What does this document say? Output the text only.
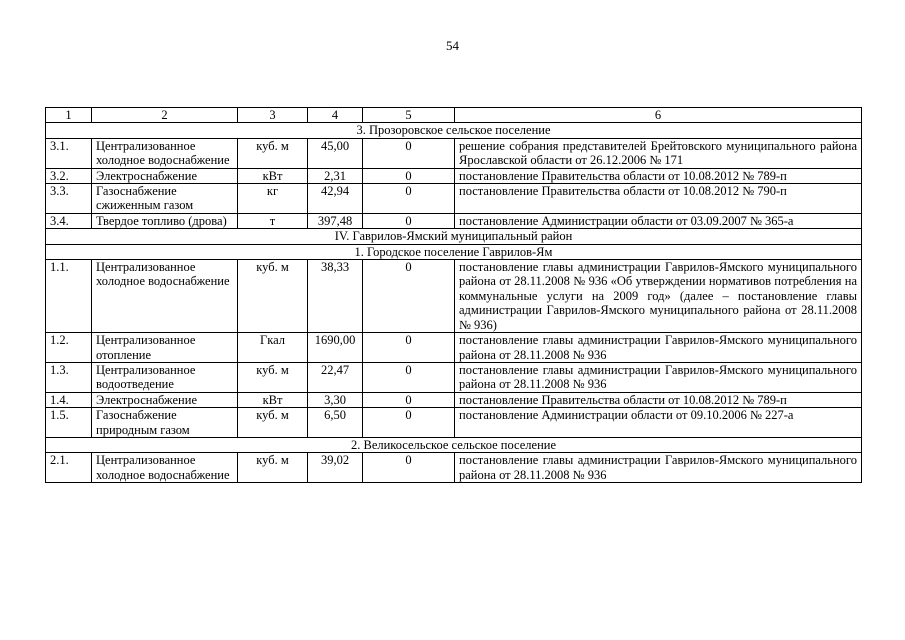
54
1	2	3	4	5	6
3. Прозоровское сельское поселение					
3.1.	Централизованное холодное водоснабжение	куб. м	45,00	0	решение собрания представителей Брейтовского муниципального района Ярославской области от 26.12.2006 № 171
3.2.	Электроснабжение	кВт	2,31	0	постановление Правительства области от 10.08.2012 № 789-п
3.3.	Газоснабжение сжиженным газом	кг	42,94	0	постановление Правительства области от 10.08.2012 № 790-п
3.4.	Твердое топливо (дрова)	т	397,48	0	постановление Администрации области от 03.09.2007 № 365-а
IV. Гаврилов-Ямский муниципальный район					
1. Городское поселение Гаврилов-Ям					
1.1.	Централизованное холодное водоснабжение	куб. м	38,33	0	постановление главы администрации Гаврилов-Ямского муниципального района от 28.11.2008 № 936 «Об утверждении нормативов потребления на коммунальные услуги на 2009 год» (далее – постановление главы администрации Гаврилов-Ямского муниципального района от 28.11.2008 № 936)
1.2.	Централизованное отопление	Гкал	1690,00	0	постановление главы администрации Гаврилов-Ямского муниципального района от 28.11.2008 № 936
1.3.	Централизованное водоотведение	куб. м	22,47	0	постановление главы администрации Гаврилов-Ямского муниципального района от 28.11.2008 № 936
1.4.	Электроснабжение	кВт	3,30	0	постановление Правительства области от 10.08.2012 № 789-п
1.5.	Газоснабжение природным газом	куб. м	6,50	0	постановление Администрации области от 09.10.2006 № 227-а
2. Великосельское сельское поселение					
2.1.	Централизованное холодное водоснабжение	куб. м	39,02	0	постановление главы администрации Гаврилов-Ямского муниципального района от 28.11.2008 № 936
